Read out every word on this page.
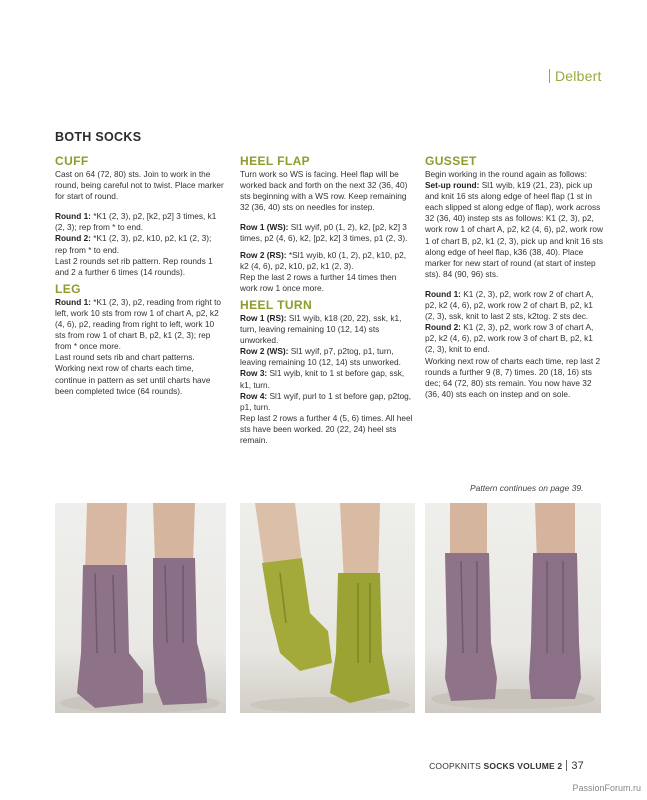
Delbert
BOTH SOCKS
CUFF

Cast on 64 (72, 80) sts. Join to work in the round, being careful not to twist. Place marker for start of round.

Round 1: *K1 (2, 3), p2, [k2, p2] 3 times, k1 (2, 3); rep from * to end.

Round 2: *K1 (2, 3), p2, k10, p2, k1 (2, 3); rep from * to end.

Last 2 rounds set rib pattern. Rep rounds 1 and 2 a further 6 times (14 rounds).

LEG

Round 1: *K1 (2, 3), p2, reading from right to left, work 10 sts from row 1 of chart A, p2, k2 (4, 6), p2, reading from right to left, work 10 sts from row 1 of chart B, p2, k1 (2, 3); rep from * once more.

Last round sets rib and chart patterns. Working next row of charts each time, continue in pattern as set until charts have been completed twice (64 rounds).

HEEL FLAP

Turn work so WS is facing. Heel flap will be worked back and forth on the next 32 (36, 40) sts beginning with a WS row. Keep remaining 32 (36, 40) sts on needles for instep.

Row 1 (WS): Sl1 wyif, p0 (1, 2), k2, [p2, k2] 3 times, p2 (4, 6), k2, [p2, k2] 3 times, p1 (2, 3).

Row 2 (RS): *Sl1 wyib, k0 (1, 2), p2, k10, p2, k2 (4, 6), p2, k10, p2, k1 (2, 3).

Rep the last 2 rows a further 14 times then work row 1 once more.

HEEL TURN

Row 1 (RS): Sl1 wyib, k18 (20, 22), ssk, k1, turn, leaving remaining 10 (12, 14) sts unworked.

Row 2 (WS): Sl1 wyif, p7, p2tog, p1, turn, leaving remaining 10 (12, 14) sts unworked.

Row 3: Sl1 wyib, knit to 1 st before gap, ssk, k1, turn.

Row 4: Sl1 wyif, purl to 1 st before gap, p2tog, p1, turn.

Rep last 2 rows a further 4 (5, 6) times. All heel sts have been worked. 20 (22, 24) heel sts remain.

GUSSET

Begin working in the round again as follows:

Set-up round: Sl1 wyib, k19 (21, 23), pick up and knit 16 sts along edge of heel flap (1 st in each slipped st along edge of flap), work across 32 (36, 40) instep sts as follows: K1 (2, 3), p2, work row 1 of chart A, p2, k2 (4, 6), p2, work row 1 of chart B, p2, k1 (2, 3), pick up and knit 16 sts along edge of heel flap, k36 (38, 40). Place marker for new start of round (at start of instep sts). 84 (90, 96) sts.

Round 1: K1 (2, 3), p2, work row 2 of chart A, p2, k2 (4, 6), p2, work row 2 of chart B, p2, k1 (2, 3), ssk, knit to last 2 sts, k2tog. 2 sts dec.

Round 2: K1 (2, 3), p2, work row 3 of chart A, p2, k2 (4, 6), p2, work row 3 of chart B, p2, k1 (2, 3), knit to end.

Working next row of charts each time, rep last 2 rounds a further 9 (8, 7) times. 20 (18, 16) sts dec; 64 (72, 80) sts remain. You now have 32 (36, 40) sts each on instep and on sole.

Pattern continues on page 39.
COOPKNITS SOCKS VOLUME 2 37
PassionForum.ru
